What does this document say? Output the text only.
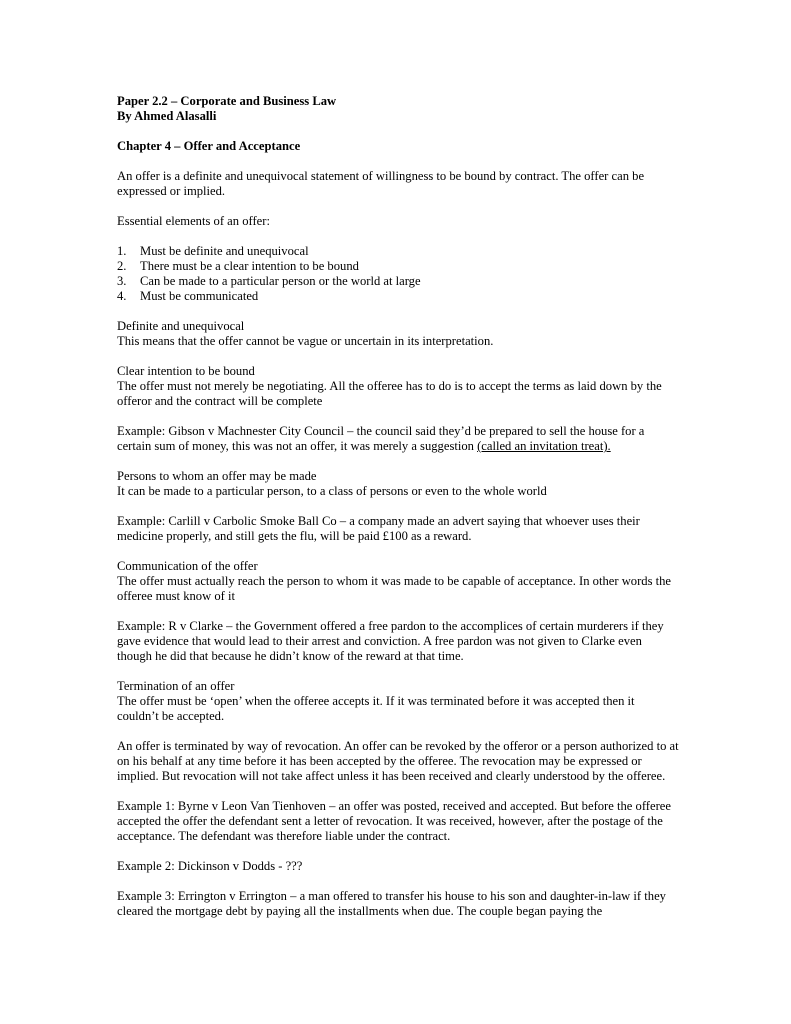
Paper 2.2 – Corporate and Business Law

By Ahmed Alasalli

Chapter 4 – Offer and Acceptance

An offer is a definite and unequivocal statement of willingness to be bound by contract. The offer can be expressed or implied.

Essential elements of an offer:

1.	Must be definite and unequivocal
2.	There must be a clear intention to be bound
3.	Can be made to a particular person or the world at large
4.	Must be communicated

Definite and unequivocal

This means that the offer cannot be vague or uncertain in its interpretation.

Clear intention to be bound

The offer must not merely be negotiating. All the offeree has to do is to accept the terms as laid down by the offeror and the contract will be complete

Example: Gibson v Machnester City Council – the council said they’d be prepared to sell the house for a certain sum of money, this was not an offer, it was merely a suggestion (called an invitation treat).

Persons to whom an offer may be made

It can be made to a particular person, to a class of persons or even to the whole world

Example: Carlill v Carbolic Smoke Ball Co – a company made an advert saying that whoever uses their medicine properly, and still gets the flu, will be paid £100 as a reward.

Communication of the offer

The offer must actually reach the person to whom it was made to be capable of acceptance. In other words the offeree must know of it

Example: R v Clarke – the Government offered a free pardon to the accomplices of certain murderers if they gave evidence that would lead to their arrest and conviction. A free pardon was not given to Clarke even though he did that because he didn’t know of the reward at that time.

Termination of an offer

The offer must be ‘open’ when the offeree accepts it. If it was terminated before it was accepted then it couldn’t be accepted.

An offer is terminated by way of revocation. An offer can be revoked by the offeror or a person authorized to at on his behalf at any time before it has been accepted by the offeree. The revocation may be expressed or implied. But revocation will not take affect unless it has been received and clearly understood by the offeree.

Example 1: Byrne v Leon Van Tienhoven – an offer was posted, received and accepted. But before the offeree accepted the offer the defendant sent a letter of revocation. It was received, however, after the postage of the acceptance. The defendant was therefore liable under the contract.

Example 2: Dickinson v Dodds - ???

Example 3: Errington v Errington – a man offered to transfer his house to his son and daughter-in-law if they cleared the mortgage debt by paying all the installments when due. The couple began paying the
